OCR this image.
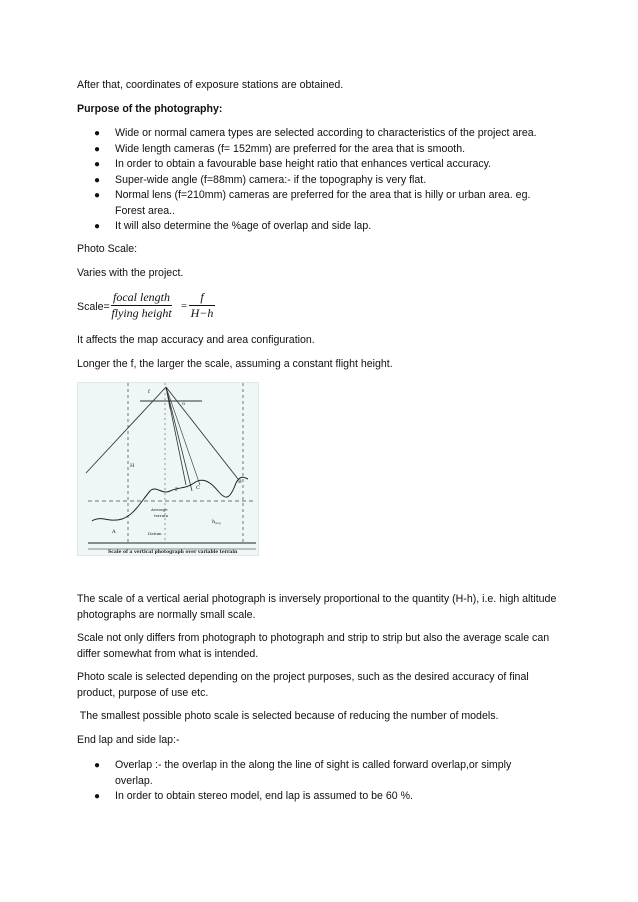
After that, coordinates of exposure stations are obtained.

Purpose of the photography:

● Wide or normal camera types are selected according to characteristics of the project area.
● Wide length cameras (f= 152mm) are preferred for the area that is smooth.
● In order to obtain a favourable base height ratio that enhances vertical accuracy.
● Super-wide angle (f=88mm) camera:- if the topography is very flat.
● Normal lens (f=210mm) cameras are preferred for the area that is hilly or urban area. eg. Forest area..
● It will also determine the %age of overlap and side lap.

Photo Scale:

Varies with the project.

Scale=
focal length
flying height = $\frac{f}{H-h}$

It affects the map accuracy and area configuration.

Longer the f, the larger the scale, assuming a constant flight height.

The scale of a vertical aerial photograph is inversely proportional to the quantity (H-h), i.e. high altitude photographs are normally small scale.

Scale not only differs from photograph to photograph and strip to strip but also the average scale can differ somewhat from what is intended.

Photo scale is selected depending on the project purposes, such as the desired accuracy of final product, purpose of use etc.

The smallest possible photo scale is selected because of reducing the number of models.

End lap and side lap:-

● Overlap :- the overlap in the along the line of sight is called forward overlap,or simply overlap.
● In order to obtain stereo model, end lap is assumed to be 60 %.
Scale of a vertical photograph over variable terrain
Average
terrain
Datum
$h_{avg}$
P	C
B
H
A
f
o
